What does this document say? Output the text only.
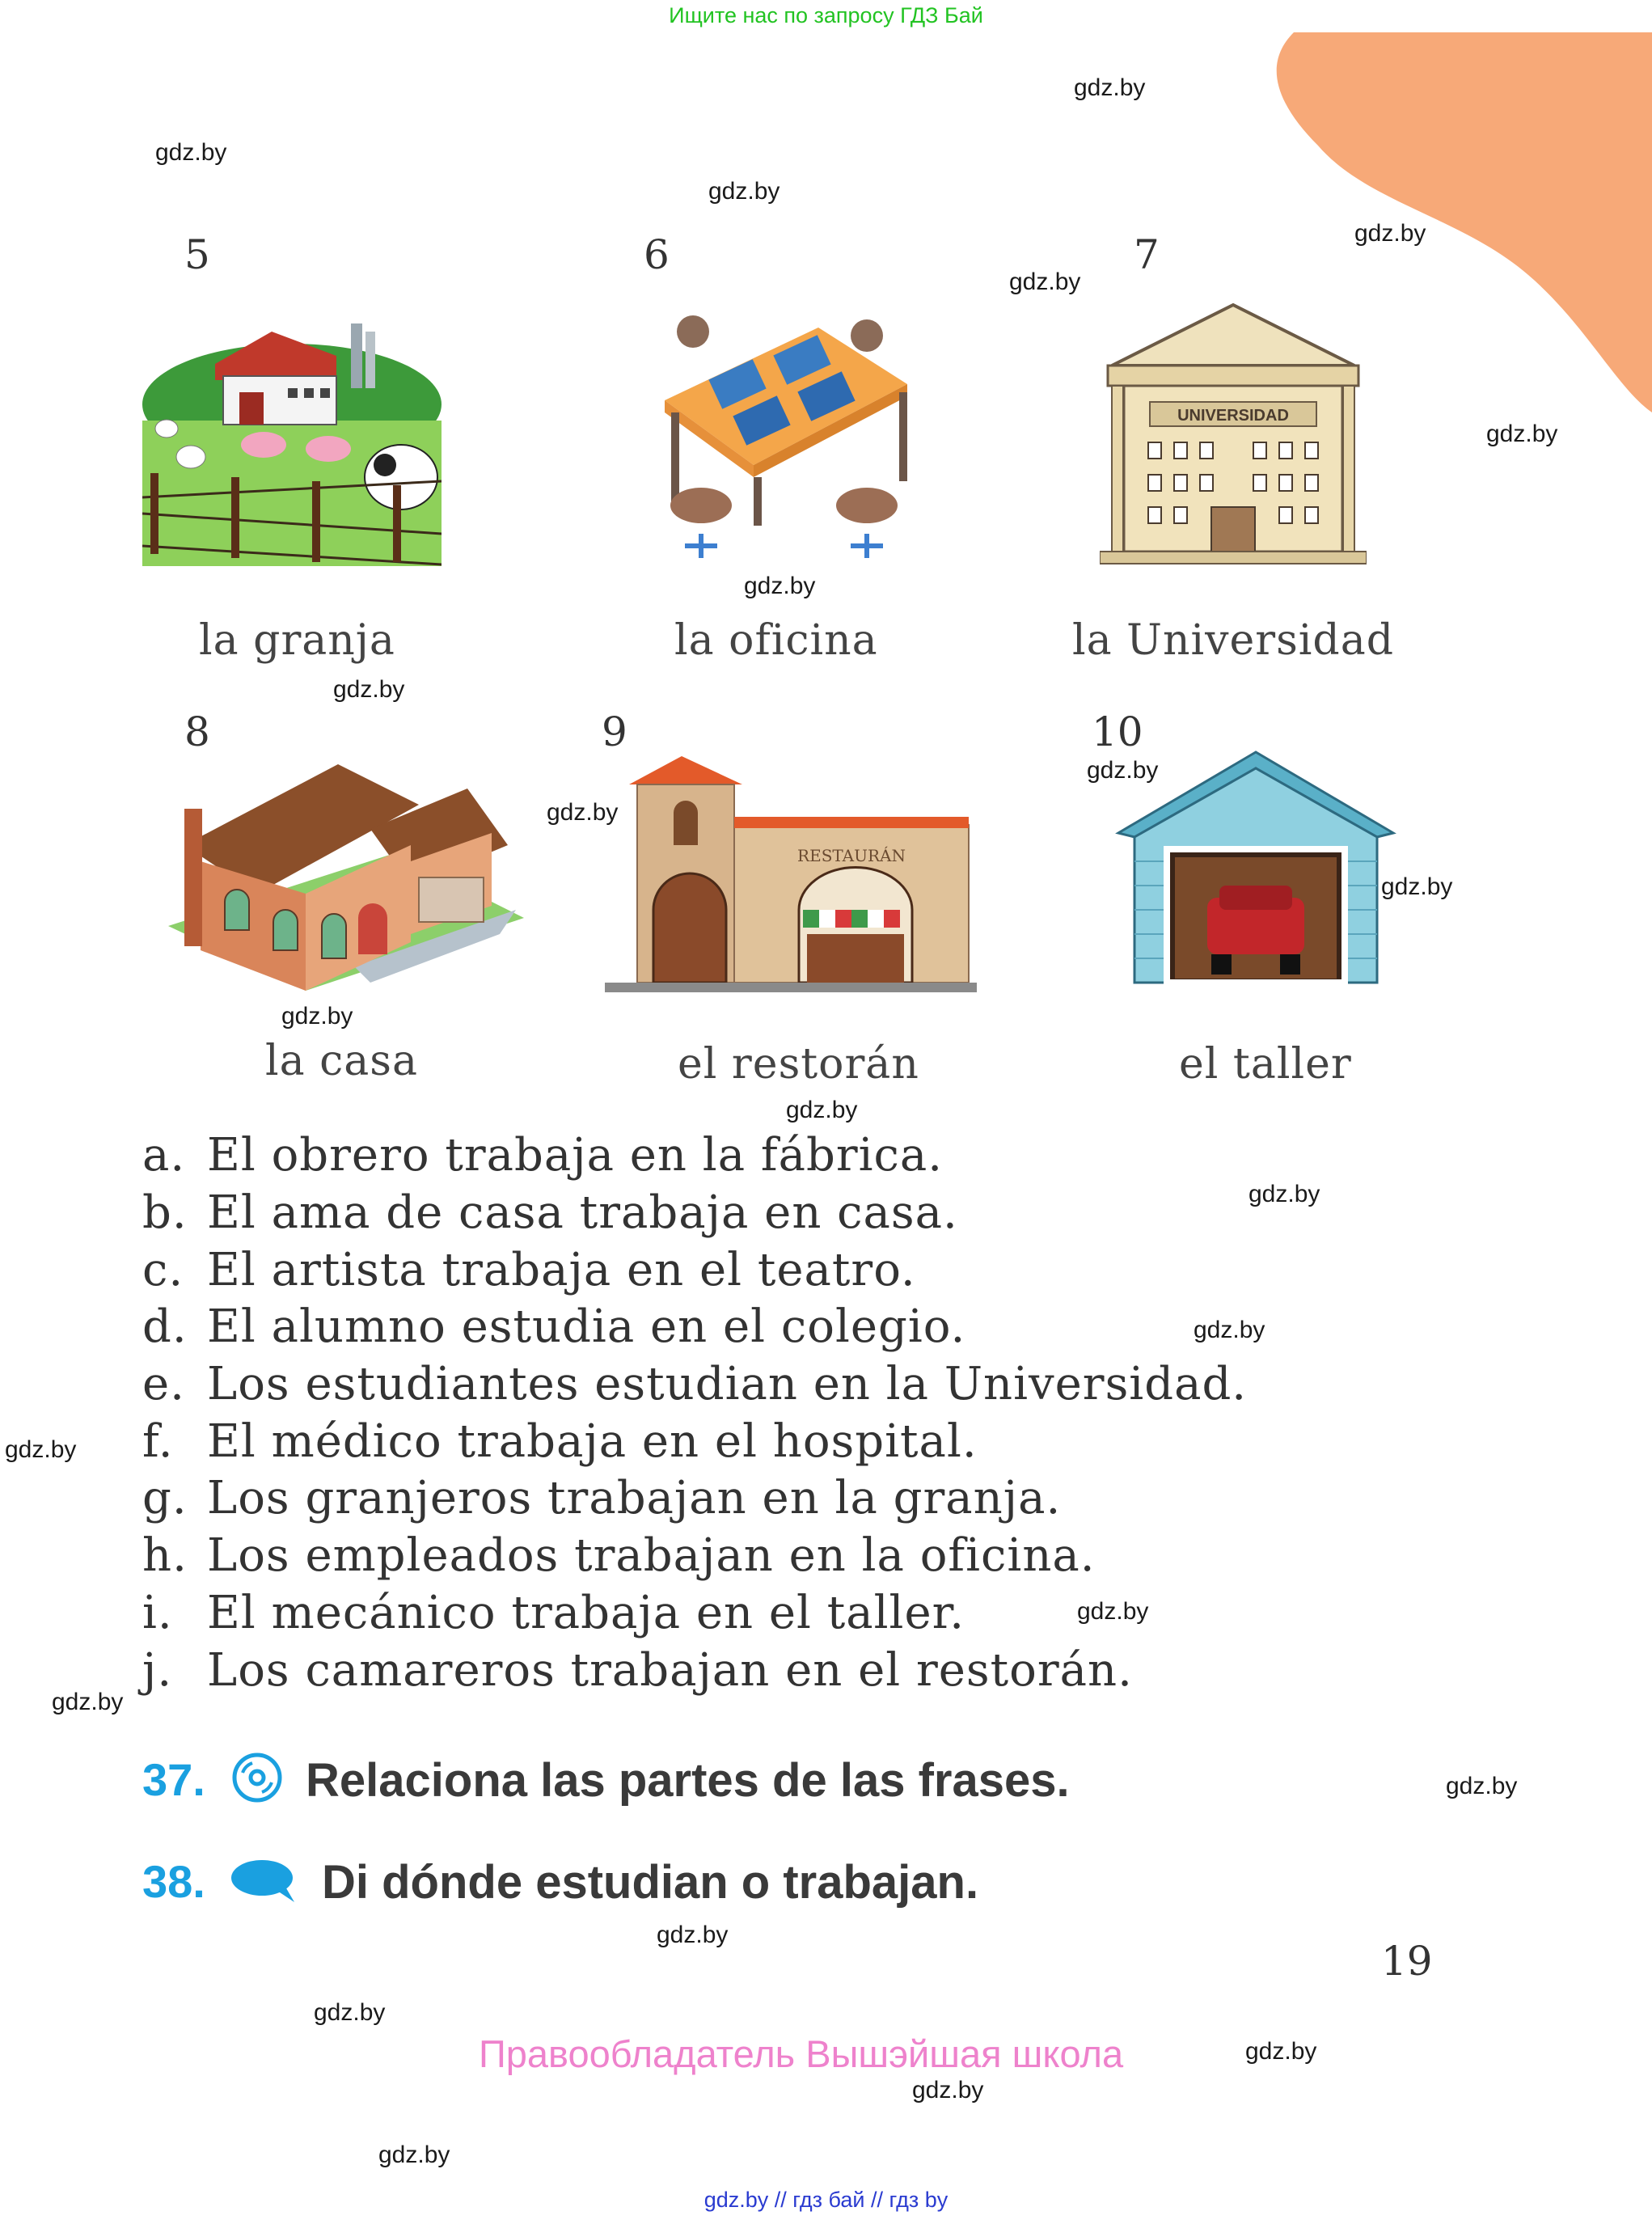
Ищите нас по запросу ГДЗ Бай
gdz.by
gdz.by
gdz.by
gdz.by
gdz.by
gdz.by
gdz.by
gdz.by
gdz.by
gdz.by
gdz.by
gdz.by
gdz.by
gdz.by
gdz.by
gdz.by
gdz.by
gdz.by
gdz.by
gdz.by
gdz.by
gdz.by
gdz.by
gdz.by
5	6	7
8	9	10
UNIVERSIDAD
RESTAURÁN
la granja	la oficina	la Universidad
la casa	el restorán	el taller
a. El obrero trabaja en la fábrica.
b. El ama de casa trabaja en casa.
c. El artista trabaja en el teatro.
d. El alumno estudia en el colegio.
e. Los estudiantes estudian en la Universidad.
f. El médico trabaja en el hospital.
g. Los granjeros trabajan en la granja.
h. Los empleados trabajan en la oficina.
i. El mecánico trabaja en el taller.
j. Los camareros trabajan en el restorán.
37. Relaciona las partes de las frases.
38. Di dónde estudian o trabajan.
19
Правообладатель Вышэйшая школа
gdz.by // гдз бай // гдз by
